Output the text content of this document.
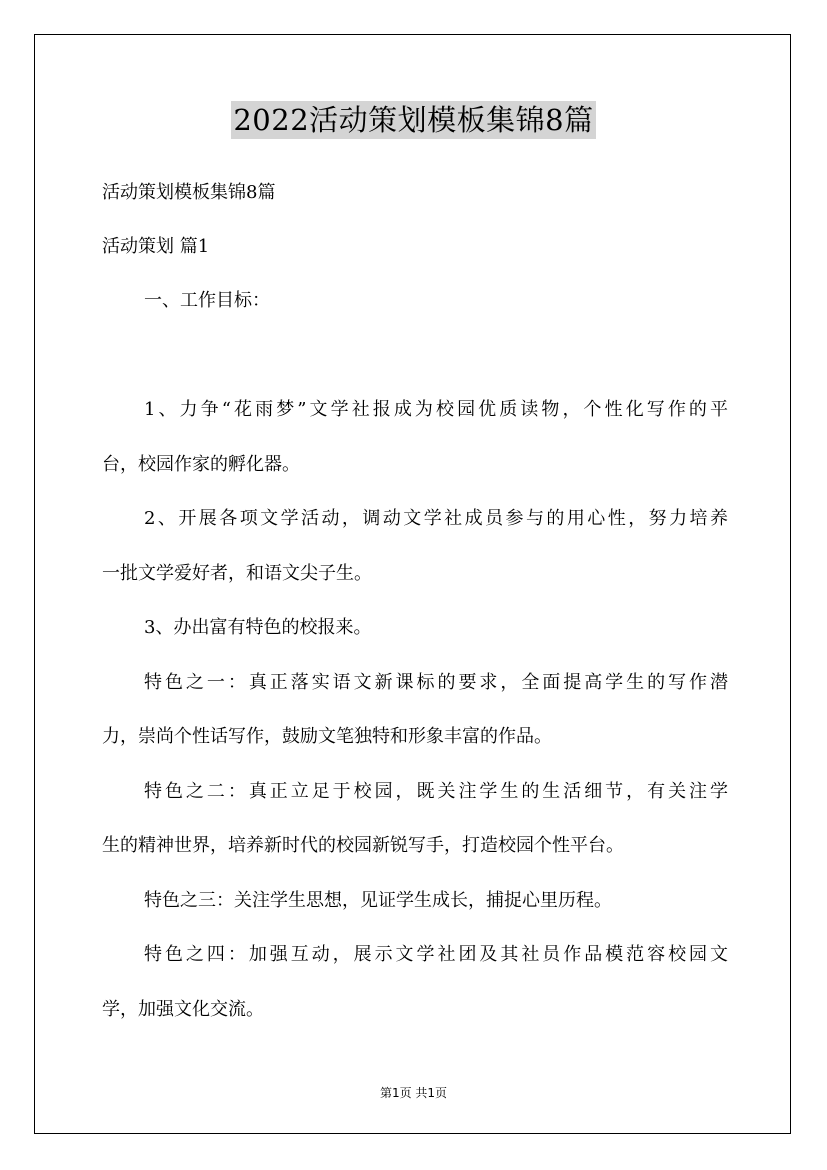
2022活动策划模板集锦8篇
活动策划模板集锦8篇
活动策划 篇1
一、工作目标：
1、力争“花雨梦”文学社报成为校园优质读物，个性化写作的平
台，校园作家的孵化器。
2、开展各项文学活动，调动文学社成员参与的用心性，努力培养
一批文学爱好者，和语文尖子生。
3、办出富有特色的校报来。
特色之一：真正落实语文新课标的要求，全面提高学生的写作潜
力，崇尚个性话写作，鼓励文笔独特和形象丰富的作品。
特色之二：真正立足于校园，既关注学生的生活细节，有关注学
生的精神世界，培养新时代的校园新锐写手，打造校园个性平台。
特色之三：关注学生思想，见证学生成长，捕捉心里历程。
特色之四：加强互动，展示文学社团及其社员作品模范容校园文
学，加强文化交流。
第1页 共1页
